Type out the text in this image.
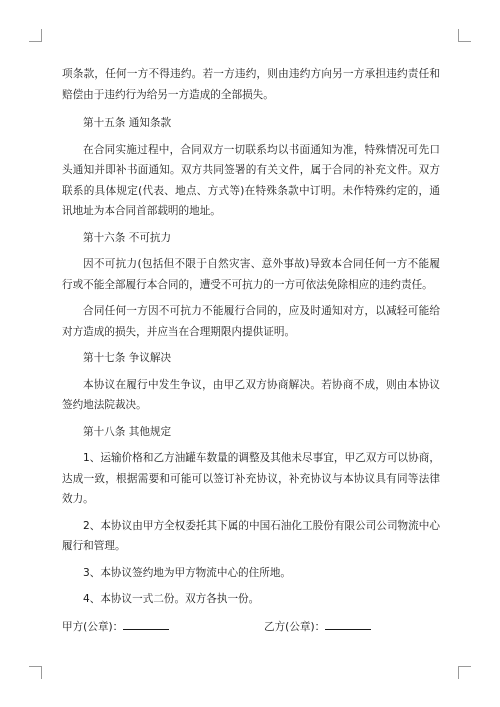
项条款，任何一方不得违约。若一方违约，则由违约方向另一方承担违约责任和赔偿由于违约行为给另一方造成的全部损失。

第十五条 通知条款

在合同实施过程中，合同双方一切联系均以书面通知为准，特殊情况可先口头通知并即补书面通知。双方共同签署的有关文件，属于合同的补充文件。双方联系的具体规定(代表、地点、方式等)在特殊条款中订明。未作特殊约定的，通讯地址为本合同首部载明的地址。

第十六条 不可抗力

因不可抗力(包括但不限于自然灾害、意外事故)导致本合同任何一方不能履行或不能全部履行本合同的，遭受不可抗力的一方可依法免除相应的违约责任。

合同任何一方因不可抗力不能履行合同的，应及时通知对方，以减轻可能给对方造成的损失，并应当在合理期限内提供证明。

第十七条 争议解决

本协议在履行中发生争议，由甲乙双方协商解决。若协商不成，则由本协议签约地法院裁决。

第十八条 其他规定

1、运输价格和乙方油罐车数量的调整及其他未尽事宜，甲乙双方可以协商，达成一致，根据需要和可能可以签订补充协议，补充协议与本协议具有同等法律效力。

2、本协议由甲方全权委托其下属的中国石油化工股份有限公司公司物流中心履行和管理。

3、本协议签约地为甲方物流中心的住所地。

4、本协议一式二份。双方各执一份。

甲方(公章)：	乙方(公章)：
